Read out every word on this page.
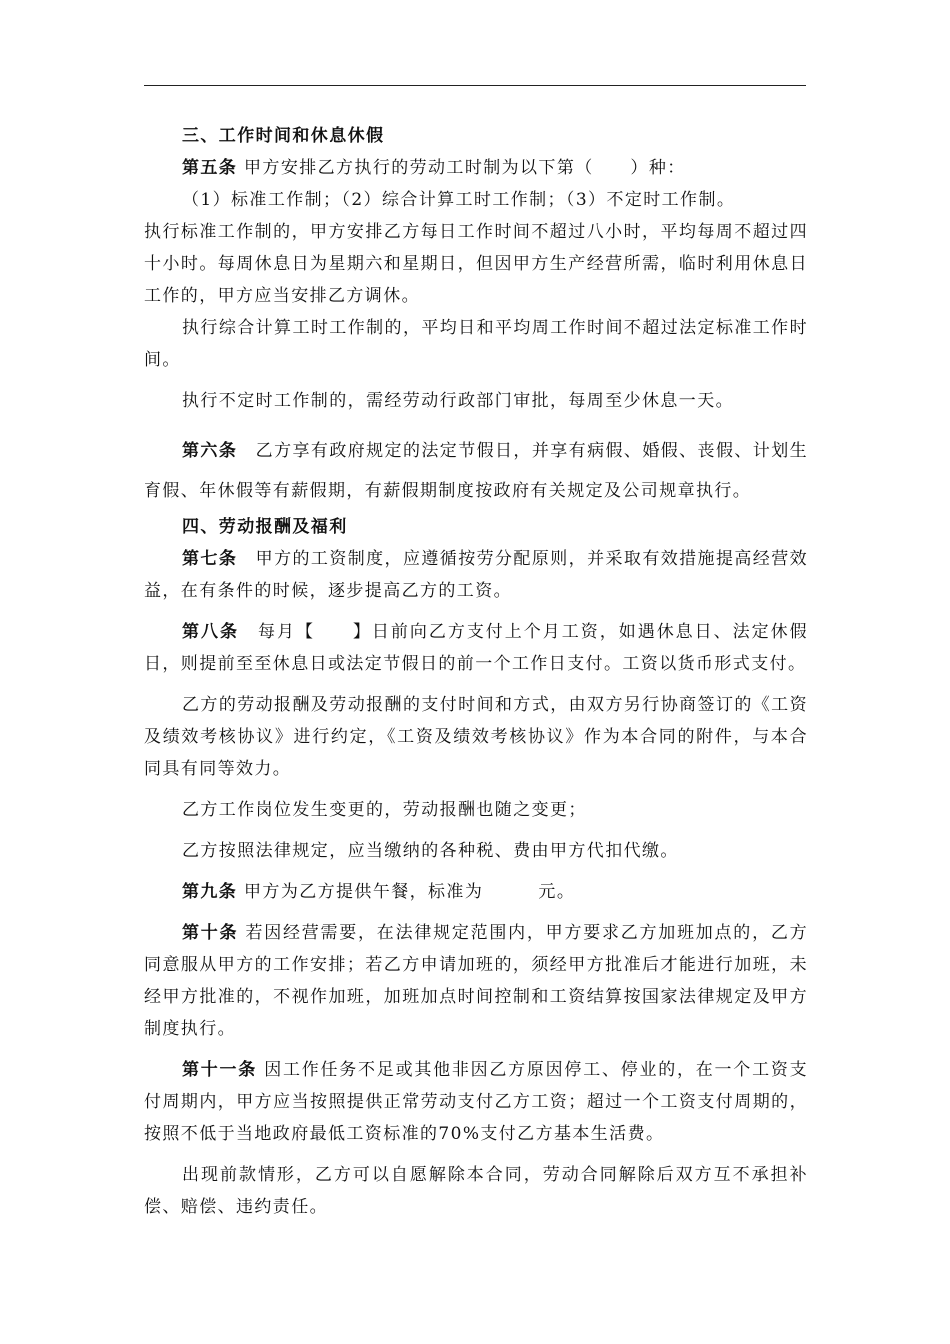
三、工作时间和休息休假

第五条 甲方安排乙方执行的劳动工时制为以下第（　　）种：

（1）标准工作制；（2）综合计算工时工作制；（3）不定时工作制。

执行标准工作制的，甲方安排乙方每日工作时间不超过八小时，平均每周不超过四十小时。每周休息日为星期六和星期日，但因甲方生产经营所需，临时利用休息日工作的，甲方应当安排乙方调休。

执行综合计算工时工作制的，平均日和平均周工作时间不超过法定标准工作时间。

执行不定时工作制的，需经劳动行政部门审批，每周至少休息一天。

第六条　 乙方享有政府规定的法定节假日，并享有病假、婚假、丧假、计划生育假、年休假等有薪假期，有薪假期制度按政府有关规定及公司规章执行。

四、劳动报酬及福利

第七条　 甲方的工资制度，应遵循按劳分配原则，并采取有效措施提高经营效益，在有条件的时候，逐步提高乙方的工资。

第八条　 每月【　　】日前向乙方支付上个月工资，如遇休息日、法定休假日，则提前至至休息日或法定节假日的前一个工作日支付。工资以货币形式支付。

乙方的劳动报酬及劳动报酬的支付时间和方式，由双方另行协商签订的《工资及绩效考核协议》进行约定，《工资及绩效考核协议》作为本合同的附件，与本合同具有同等效力。

乙方工作岗位发生变更的，劳动报酬也随之变更；

乙方按照法律规定，应当缴纳的各种税、费由甲方代扣代缴。

第九条 甲方为乙方提供午餐，标准为　　　元。

第十条 若因经营需要，在法律规定范围内，甲方要求乙方加班加点的，乙方同意服从甲方的工作安排；若乙方申请加班的，须经甲方批准后才能进行加班，未经甲方批准的，不视作加班，加班加点时间控制和工资结算按国家法律规定及甲方制度执行。

第十一条 因工作任务不足或其他非因乙方原因停工、停业的，在一个工资支付周期内，甲方应当按照提供正常劳动支付乙方工资；超过一个工资支付周期的，按照不低于当地政府最低工资标准的70%支付乙方基本生活费。

出现前款情形，乙方可以自愿解除本合同，劳动合同解除后双方互不承担补偿、赔偿、违约责任。
